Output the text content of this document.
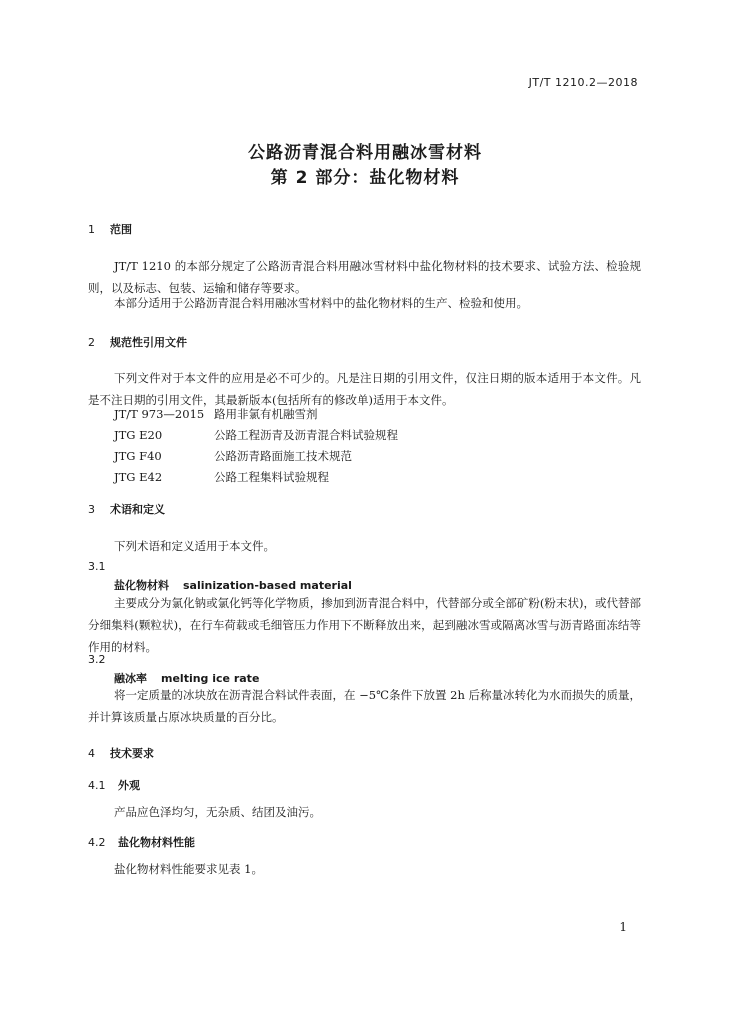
JT/T 1210.2—2018
公路沥青混合料用融冰雪材料
第 2 部分：盐化物材料
1 范围
JT/T 1210 的本部分规定了公路沥青混合料用融冰雪材料中盐化物材料的技术要求、试验方法、检验规则，以及标志、包装、运输和储存等要求。
本部分适用于公路沥青混合料用融冰雪材料中的盐化物材料的生产、检验和使用。
2 规范性引用文件
下列文件对于本文件的应用是必不可少的。凡是注日期的引用文件，仅注日期的版本适用于本文件。凡是不注日期的引用文件，其最新版本(包括所有的修改单)适用于本文件。
JT/T 973—2015 路用非氯有机融雪剂
JTG E20	公路工程沥青及沥青混合料试验规程
JTG F40	公路沥青路面施工技术规范
JTG E42	公路工程集料试验规程
3 术语和定义
下列术语和定义适用于本文件。
3.1
盐化物材料 salinization-based material
主要成分为氯化钠或氯化钙等化学物质，掺加到沥青混合料中，代替部分或全部矿粉(粉末状)，或代替部分细集料(颗粒状)，在行车荷载或毛细管压力作用下不断释放出来，起到融冰雪或隔离冰雪与沥青路面冻结等作用的材料。
3.2
融冰率 melting ice rate
将一定质量的冰块放在沥青混合料试件表面，在 −5℃条件下放置 2h 后称量冰转化为水而损失的质量，并计算该质量占原冰块质量的百分比。
4 技术要求
4.1 外观
产品应色泽均匀，无杂质、结团及油污。
4.2 盐化物材料性能
盐化物材料性能要求见表 1。
1
